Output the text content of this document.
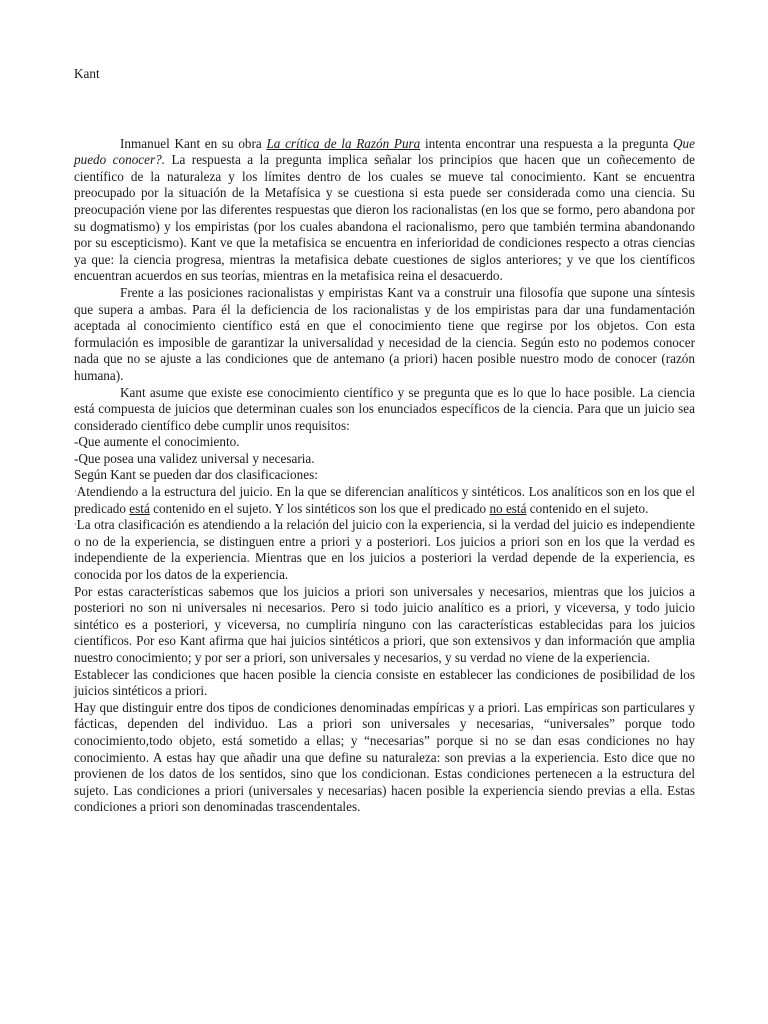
Kant

Inmanuel Kant en su obra La crítica de la Razón Pura intenta encontrar una respuesta a la pregunta Que puedo conocer?. La respuesta a la pregunta implica señalar los principios que hacen que un coñecemento de científico de la naturaleza y los límites dentro de los cuales se mueve tal conocimiento. Kant se encuentra preocupado por la situación de la Metafísica y se cuestiona si esta puede ser considerada como una ciencia. Su preocupación viene por las diferentes respuestas que dieron los racionalistas (en los que se formo, pero abandona por su dogmatismo) y los empiristas (por los cuales abandona el racionalismo, pero que también termina abandonando por su escepticismo). Kant ve que la metafisica se encuentra en inferioridad de condiciones respecto a otras ciencias ya que: la ciencia progresa, mientras la metafisica debate cuestiones de siglos anteriores; y ve que los científicos encuentran acuerdos en sus teorías, mientras en la metafisica reina el desacuerdo.

Frente a las posiciones racionalistas y empiristas Kant va a construir una filosofía que supone una síntesis que supera a ambas. Para él la deficiencia de los racionalistas y de los empiristas para dar una fundamentación aceptada al conocimiento científico está en que el conocimiento tiene que regirse por los objetos. Con esta formulación es imposible de garantizar la universalidad y necesidad de la ciencia. Según esto no podemos conocer nada que no se ajuste a las condiciones que de antemano (a priori) hacen posible nuestro modo de conocer (razón humana).

Kant asume que existe ese conocimiento científico y se pregunta que es lo que lo hace posible. La ciencia está compuesta de juicios que determinan cuales son los enunciados específicos de la ciencia. Para que un juicio sea considerado científico debe cumplir unos requisitos:

-Que aumente el conocimiento.

-Que posea una validez universal y necesaria.

Según Kant se pueden dar dos clasificaciones:

·Atendiendo a la estructura del juicio. En la que se diferencian analíticos y sintéticos. Los analíticos son en los que el predicado está contenido en el sujeto. Y los sintéticos son los que el predicado no está contenido en el sujeto.

·La otra clasificación es atendiendo a la relación del juicio con la experiencia, si la verdad del juicio es independiente o no de la experiencia, se distinguen entre a priori y a posteriori. Los juicios a priori son en los que la verdad es independiente de la experiencia. Mientras que en los juicios a posteriori la verdad depende de la experiencia, es conocida por los datos de la experiencia.

Por estas características sabemos que los juicios a priori son universales y necesarios, mientras que los juicios a posteriori no son ni universales ni necesarios. Pero si todo juicio analítico es a priori, y viceversa, y todo juicio sintético es a posteriori, y viceversa, no cumpliría ninguno con las características establecidas para los juicios científicos. Por eso Kant afirma que hai juicios sintéticos a priori, que son extensivos y dan información que amplia nuestro conocimiento; y por ser a priori, son universales y necesarios, y su verdad no viene de la experiencia.

Establecer las condiciones que hacen posible la ciencia consiste en establecer las condiciones de posibilidad de los juicios sintéticos a priori.

Hay que distinguir entre dos tipos de condiciones denominadas empíricas y a priori. Las empíricas son particulares y fácticas, dependen del individuo. Las a priori son universales y necesarias, “universales” porque todo conocimiento,todo objeto, está sometido a ellas; y “necesarias” porque si no se dan esas condiciones no hay conocimiento. A estas hay que añadir una que define su naturaleza: son previas a la experiencia. Esto dice que no provienen de los datos de los sentidos, sino que los condicionan. Estas condiciones pertenecen a la estructura del sujeto. Las condiciones a priori (universales y necesarias) hacen posible la experiencia siendo previas a ella. Estas condiciones a priori son denominadas trascendentales.
